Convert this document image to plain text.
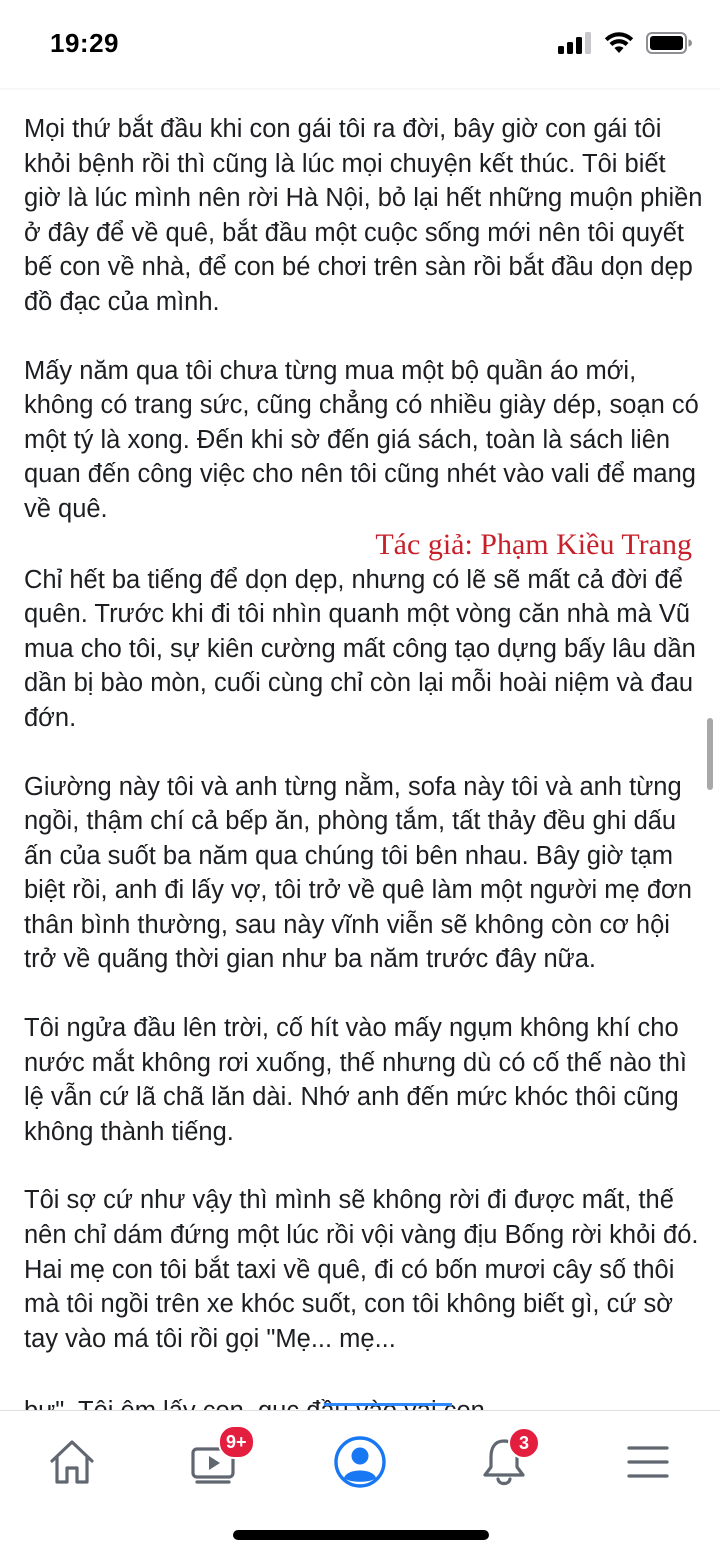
19:29

Mọi thứ bắt đầu khi con gái tôi ra đời, bây giờ con gái tôi khỏi bệnh rồi thì cũng là lúc mọi chuyện kết thúc. Tôi biết giờ là lúc mình nên rời Hà Nội, bỏ lại hết những muộn phiền ở đây để về quê, bắt đầu một cuộc sống mới nên tôi quyết bế con về nhà, để con bé chơi trên sàn rồi bắt đầu dọn dẹp đồ đạc của mình.

Mấy năm qua tôi chưa từng mua một bộ quần áo mới, không có trang sức, cũng chẳng có nhiều giày dép, soạn có một tý là xong. Đến khi sờ đến giá sách, toàn là sách liên quan đến công việc cho nên tôi cũng nhét vào vali để mang về quê.

Tác giả: Phạm Kiều Trang

Chỉ hết ba tiếng để dọn dẹp, nhưng có lẽ sẽ mất cả đời để quên. Trước khi đi tôi nhìn quanh một vòng căn nhà mà Vũ mua cho tôi, sự kiên cường mất công tạo dựng bấy lâu dần dần bị bào mòn, cuối cùng chỉ còn lại mỗi hoài niệm và đau đớn.

Giường này tôi và anh từng nằm, sofa này tôi và anh từng ngồi, thậm chí cả bếp ăn, phòng tắm, tất thảy đều ghi dấu ấn của suốt ba năm qua chúng tôi bên nhau. Bây giờ tạm biệt rồi, anh đi lấy vợ, tôi trở về quê làm một người mẹ đơn thân bình thường, sau này vĩnh viễn sẽ không còn cơ hội trở về quãng thời gian như ba năm trước đây nữa.

Tôi ngửa đầu lên trời, cố hít vào mấy ngụm không khí cho nước mắt không rơi xuống, thế nhưng dù có cố thế nào thì lệ vẫn cứ lã chã lăn dài. Nhớ anh đến mức khóc thôi cũng không thành tiếng.

Tôi sợ cứ như vậy thì mình sẽ không rời đi được mất, thế nên chỉ dám đứng một lúc rồi vội vàng địu Bống rời khỏi đó. Hai mẹ con tôi bắt taxi về quê, đi có bốn mươi cây số thôi mà tôi ngồi trên xe khóc suốt, con tôi không biết gì, cứ sờ tay vào má tôi rồi gọi "Mẹ... mẹ...

9+	3
